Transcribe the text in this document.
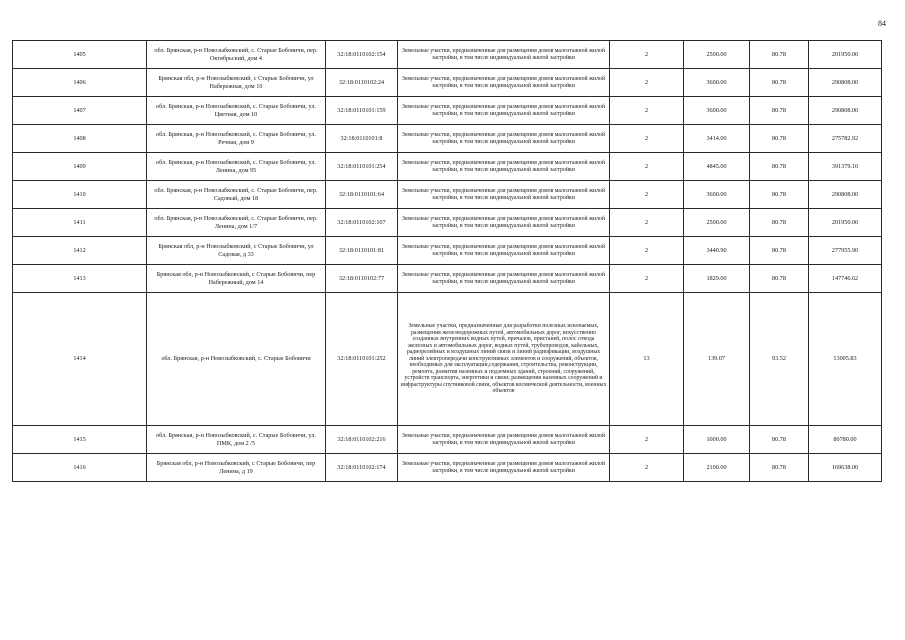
84
1405	обл. Брянская, р-н Новозыбковский, с. Старые Бобовичи, пер. Октябрьский, дом 4	32:18:0110102:154	Земельные участки, предназначенные для размещения домов малоэтажной жилой застройки, в том числе индивидуальной жилой застройки	2	2500.00	80.78	201950.00
1406	Брянская обл, р-н Новозыбковский, с Старые Бобовичи, ул Набережная, дом 10	32:18:0110102:24	Земельные участки, предназначенные для размещения домов малоэтажной жилой застройки, в том числе индивидуальной жилой застройки	2	3600.00	80.78	290808.00
1407	обл. Брянская, р-н Новозыбковский, с. Старые Бобовичи, ул. Цветная, дом 10	32:18:0110101:159	Земельные участки, предназначенные для размещения домов малоэтажной жилой застройки, в том числе индивидуальной жилой застройки	2	3600.00	80.78	290808.00
1408	обл. Брянская, р-н Новозыбковский, с. Старые Бобовичи, ул. Речная, дом 9	32:18:0110101:8	Земельные участки, предназначенные для размещения домов малоэтажной жилой застройки, в том числе индивидуальной жилой застройки	2	3414.00	80.78	275782.92
1409	обл. Брянская, р-н Новозыбковский, с. Старые Бобовичи, ул. Ленина, дом 95	32:18:0110101:254	Земельные участки, предназначенные для размещения домов малоэтажной жилой застройки, в том числе индивидуальной жилой застройки	2	4845.00	80.78	391379.10
1410	обл. Брянская, р-н Новозыбковский, с. Старые Бобовичи, пер. Садовый, дом 18	32:18:0110101:64	Земельные участки, предназначенные для размещения домов малоэтажной жилой застройки, в том числе индивидуальной жилой застройки	2	3600.00	80.78	290808.00
1411	обл. Брянская, р-н Новозыбковский, с. Старые Бобовичи, пер. Ленина, дом 1/7	32:18:0110102:107	Земельные участки, предназначенные для размещения домов малоэтажной жилой застройки, в том числе индивидуальной жилой застройки	2	2500.00	80.78	201950.00
1412	Брянская обл, р-н Новозыбковский, с Старые Бобовичи, ул Садовая, д 33	32:18:0110101:81	Земельные участки, предназначенные для размещения домов малоэтажной жилой застройки, в том числе индивидуальной жилой застройки	2	3440.90	80.78	277955.90
1413	Брянская обл, р-н Новозыбковский, с Старые Бобовичи, пер Набережный, дом 14	32:18:0110102:77	Земельные участки, предназначенные для размещения домов малоэтажной жилой застройки, в том числе индивидуальной жилой застройки	2	1829.00	80.78	147746.62
1414	обл. Брянская, р-н Новозыбковский, с. Старые Бобовичи	32:18:0110101:252	Земельные участки, предназначенные для разработки полезных ископаемых, размещения железнодорожных путей, автомобильных дорог, искусственно созданных внутренних водных путей, причалов, пристаней, полос отвода железных и автомобильных дорог, водных путей, трубопроводов, кабельных, радиорелейных и воздушных линий связи и линий радиофикации, воздушных линий электропередачи конструктивных элементов и сооружений, объектов, необходимых для эксплуатации,содержания, строительства, реконструкции, ремонта, развития наземных и подземных зданий, строений, сооружений, устройств транспорта, энергетики и связи; размещения наземных сооружений и инфраструктуры спутниковой связи, объектов космической деятельности, военных объектов	13	139.07	93.52	13005.83
1415	обл. Брянская, р-н Новозыбковский, с. Старые Бобовичи, ул. ПМК, дом 2 /5	32:18:0110102:216	Земельные участки, предназначенные для размещения домов малоэтажной жилой застройки, в том числе индивидуальной жилой застройки	2	1000.00	80.78	80780.00
1416	Брянская обл, р-н Новозыбковский, с Старые Бобовичи, пер Ленина, д 19	32:18:0110102:174	Земельные участки, предназначенные для размещения домов малоэтажной жилой застройки, в том числе индивидуальной жилой застройки	2	2100.00	80.78	169638.00
